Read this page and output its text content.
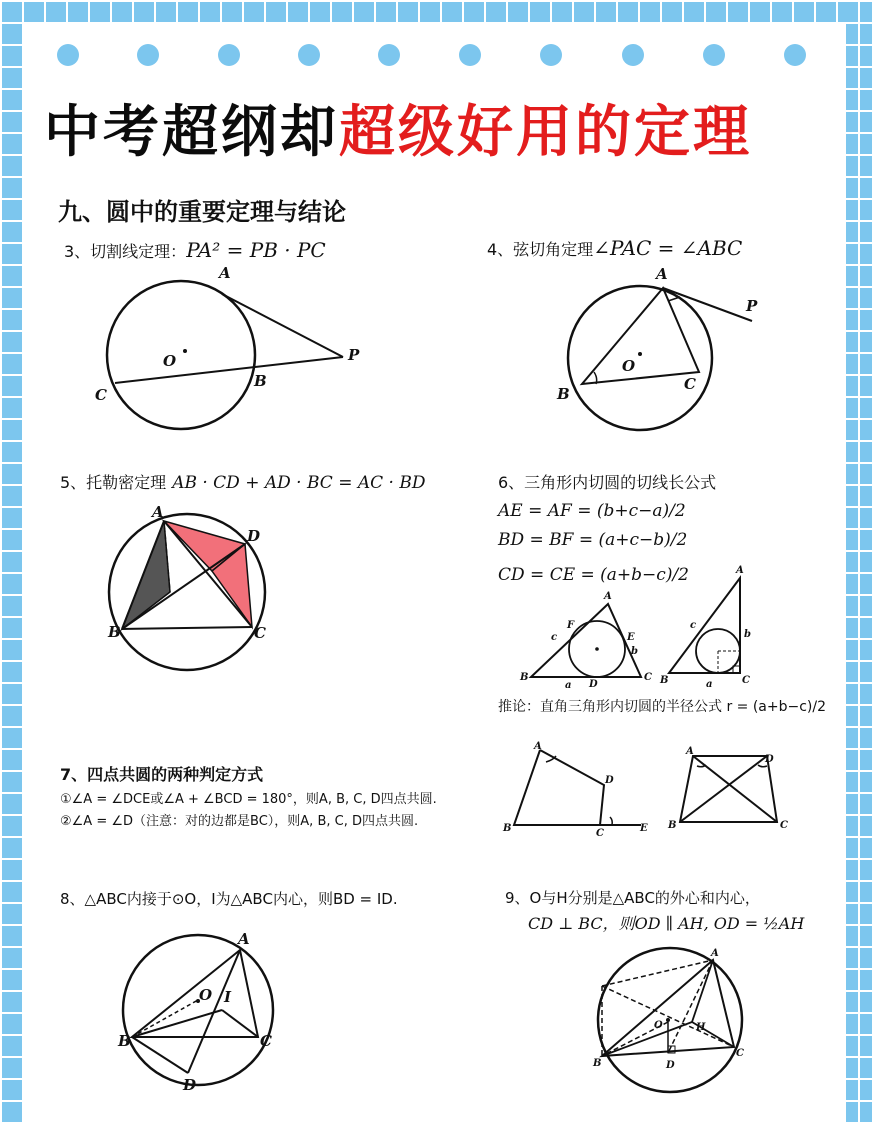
中考超纲却超级好用的定理
九、圆中的重要定理与结论
3、切割线定理：PA² = PB · PC
A
P
O
C
B
4、弦切角定理∠PAC = ∠ABC
A
P
O
B
C
5、托勒密定理 AB · CD + AD · BC = AC · BD
A
D
B	C
6、三角形内切圆的切线长公式
AE = AF = (b+c−a)/2
BD = BF = (a+c−b)/2
CD = CE = (a+b−c)/2
A
F
E
c
b
B
D
C
a
A
c
b
B	C
a
推论：直角三角形内切圆的半径公式 r = (a+b−c)/2
7、四点共圆的两种判定方式
①∠A = ∠DCE或∠A + ∠BCD = 180°，则A, B, C, D四点共圆.
②∠A = ∠D（注意：对的边都是BC），则A, B, C, D四点共圆.
A
D
B	C	E
A
D
B	C
8、△ABC内接于⊙O，I为△ABC内心，则BD = ID.
A
O I
B	C
D
9、O与H分别是△ABC的外心和内心，
CD ⊥ BC，则OD ∥ AH, OD = ½AH
A
O	H
B
C
D
